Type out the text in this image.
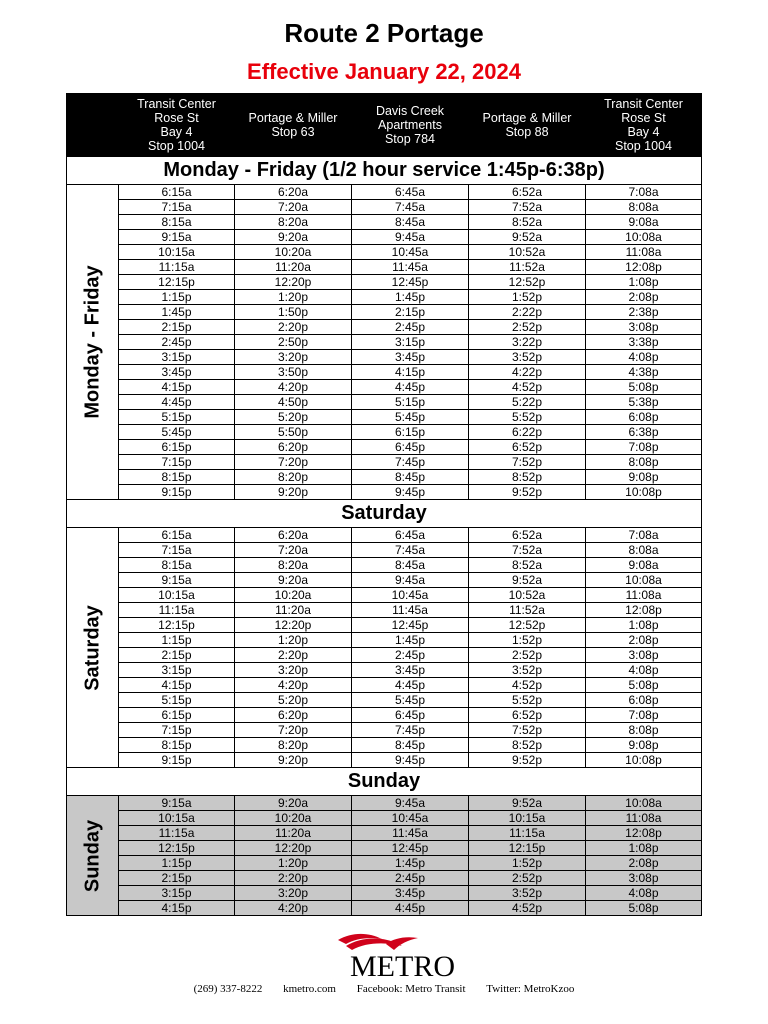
Route 2 Portage
Effective January 22, 2024
	Transit Center
Rose St
Bay 4
Stop 1004	Portage & Miller
Stop 63	Davis Creek
Apartments
Stop 784	Portage & Miller
Stop 88	Transit Center
Rose St
Bay 4
Stop 1004
Monday - Friday (1/2 hour service 1:45p-6:38p)					

Monday - Friday	6:15a	6:20a	6:45a	6:52a	7:08a
	7:15a	7:20a	7:45a	7:52a	8:08a
	8:15a	8:20a	8:45a	8:52a	9:08a
	9:15a	9:20a	9:45a	9:52a	10:08a
	10:15a	10:20a	10:45a	10:52a	11:08a
	11:15a	11:20a	11:45a	11:52a	12:08p
	12:15p	12:20p	12:45p	12:52p	1:08p
	1:15p	1:20p	1:45p	1:52p	2:08p
	1:45p	1:50p	2:15p	2:22p	2:38p
	2:15p	2:20p	2:45p	2:52p	3:08p
	2:45p	2:50p	3:15p	3:22p	3:38p
	3:15p	3:20p	3:45p	3:52p	4:08p
	3:45p	3:50p	4:15p	4:22p	4:38p
	4:15p	4:20p	4:45p	4:52p	5:08p
	4:45p	4:50p	5:15p	5:22p	5:38p
	5:15p	5:20p	5:45p	5:52p	6:08p
	5:45p	5:50p	6:15p	6:22p	6:38p
	6:15p	6:20p	6:45p	6:52p	7:08p
	7:15p	7:20p	7:45p	7:52p	8:08p
	8:15p	8:20p	8:45p	8:52p	9:08p
	9:15p	9:20p	9:45p	9:52p	10:08p
Saturday					

Saturday	6:15a	6:20a	6:45a	6:52a	7:08a
	7:15a	7:20a	7:45a	7:52a	8:08a
	8:15a	8:20a	8:45a	8:52a	9:08a
	9:15a	9:20a	9:45a	9:52a	10:08a
	10:15a	10:20a	10:45a	10:52a	11:08a
	11:15a	11:20a	11:45a	11:52a	12:08p
	12:15p	12:20p	12:45p	12:52p	1:08p
	1:15p	1:20p	1:45p	1:52p	2:08p
	2:15p	2:20p	2:45p	2:52p	3:08p
	3:15p	3:20p	3:45p	3:52p	4:08p
	4:15p	4:20p	4:45p	4:52p	5:08p
	5:15p	5:20p	5:45p	5:52p	6:08p
	6:15p	6:20p	6:45p	6:52p	7:08p
	7:15p	7:20p	7:45p	7:52p	8:08p
	8:15p	8:20p	8:45p	8:52p	9:08p
	9:15p	9:20p	9:45p	9:52p	10:08p
Sunday					

Sunday	9:15a	9:20a	9:45a	9:52a	10:08a
	10:15a	10:20a	10:45a	10:15a	11:08a
	11:15a	11:20a	11:45a	11:15a	12:08p
	12:15p	12:20p	12:45p	12:15p	1:08p
	1:15p	1:20p	1:45p	1:52p	2:08p
	2:15p	2:20p	2:45p	2:52p	3:08p
	3:15p	3:20p	3:45p	3:52p	4:08p
	4:15p	4:20p	4:45p	4:52p	5:08p
METRO
(269) 337-8222 kmetro.com Facebook: Metro Transit Twitter: MetroKzoo
